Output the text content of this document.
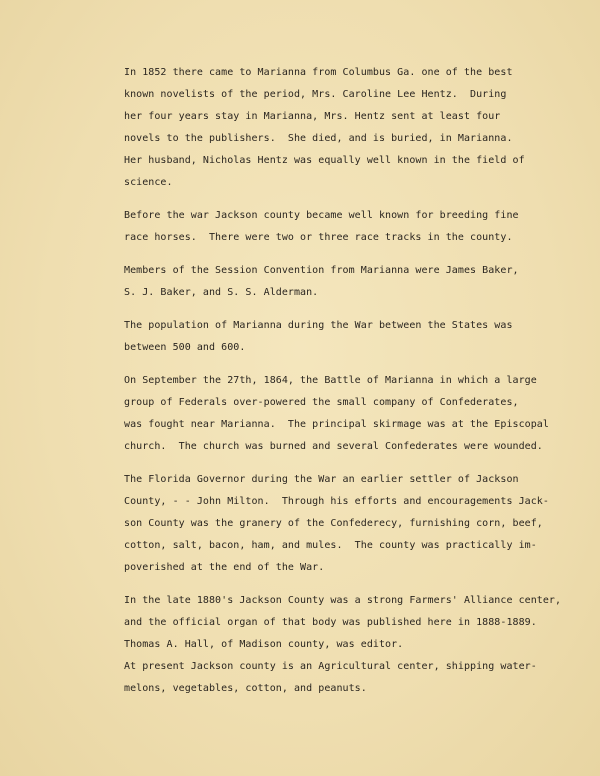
In 1852 there came to Marianna from Columbus Ga. one of the best
known novelists of the period, Mrs. Caroline Lee Hentz.  During
her four years stay in Marianna, Mrs. Hentz sent at least four
novels to the publishers.  She died, and is buried, in Marianna.
Her husband, Nicholas Hentz was equally well known in the field of
science.

Before the war Jackson county became well known for breeding fine
race horses.  There were two or three race tracks in the county.

Members of the Session Convention from Marianna were James Baker,
S. J. Baker, and S. S. Alderman.

The population of Marianna during the War between the States was
between 500 and 600.

On September the 27th, 1864, the Battle of Marianna in which a large
group of Federals over-powered the small company of Confederates,
was fought near Marianna.  The principal skirmage was at the Episcopal
church.  The church was burned and several Confederates were wounded.

The Florida Governor during the War an earlier settler of Jackson
County, - - John Milton.  Through his efforts and encouragements Jack-
son County was the granery of the Confederecy, furnishing corn, beef,
cotton, salt, bacon, ham, and mules.  The county was practically im-
poverished at the end of the War.

In the late 1880's Jackson County was a strong Farmers' Alliance center,
and the official organ of that body was published here in 1888-1889.
Thomas A. Hall, of Madison county, was editor.
At present Jackson county is an Agricultural center, shipping water-
melons, vegetables, cotton, and peanuts.
